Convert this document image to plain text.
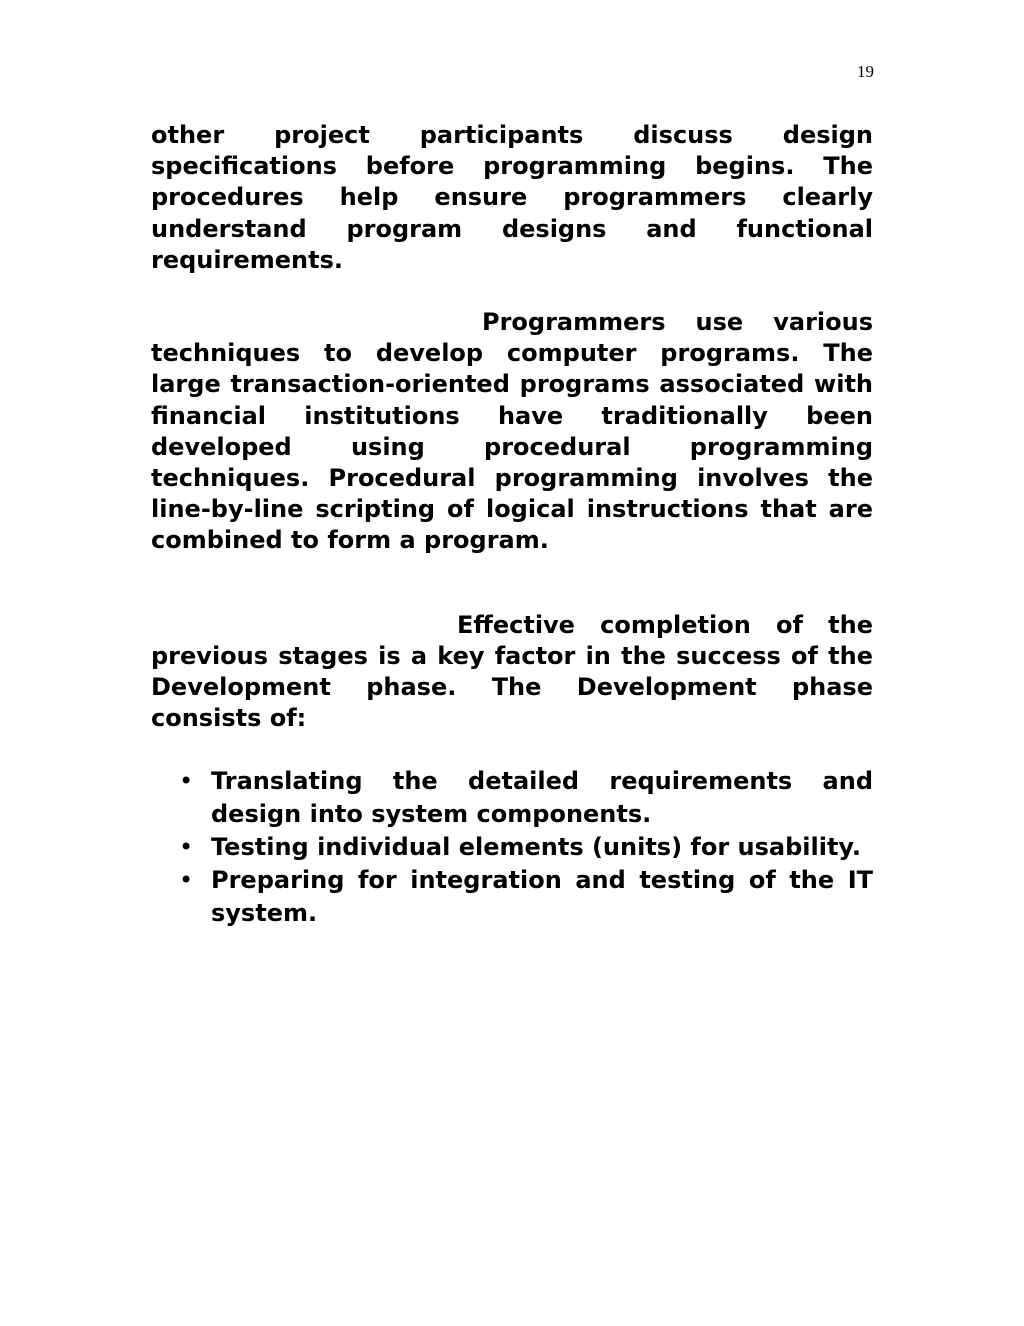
19

other project participants discuss design specifications before programming begins. The procedures help ensure programmers clearly understand program designs and functional requirements.

Programmers use various techniques to develop computer programs. The large transaction-oriented programs associated with financial institutions have traditionally been developed using procedural programming techniques. Procedural programming involves the line-by-line scripting of logical instructions that are combined to form a program.

Effective completion of the previous stages is a key factor in the success of the Development phase. The Development phase consists of:

• Translating the detailed requirements and design into system components.
• Testing individual elements (units) for usability.
• Preparing for integration and testing of the IT system.
